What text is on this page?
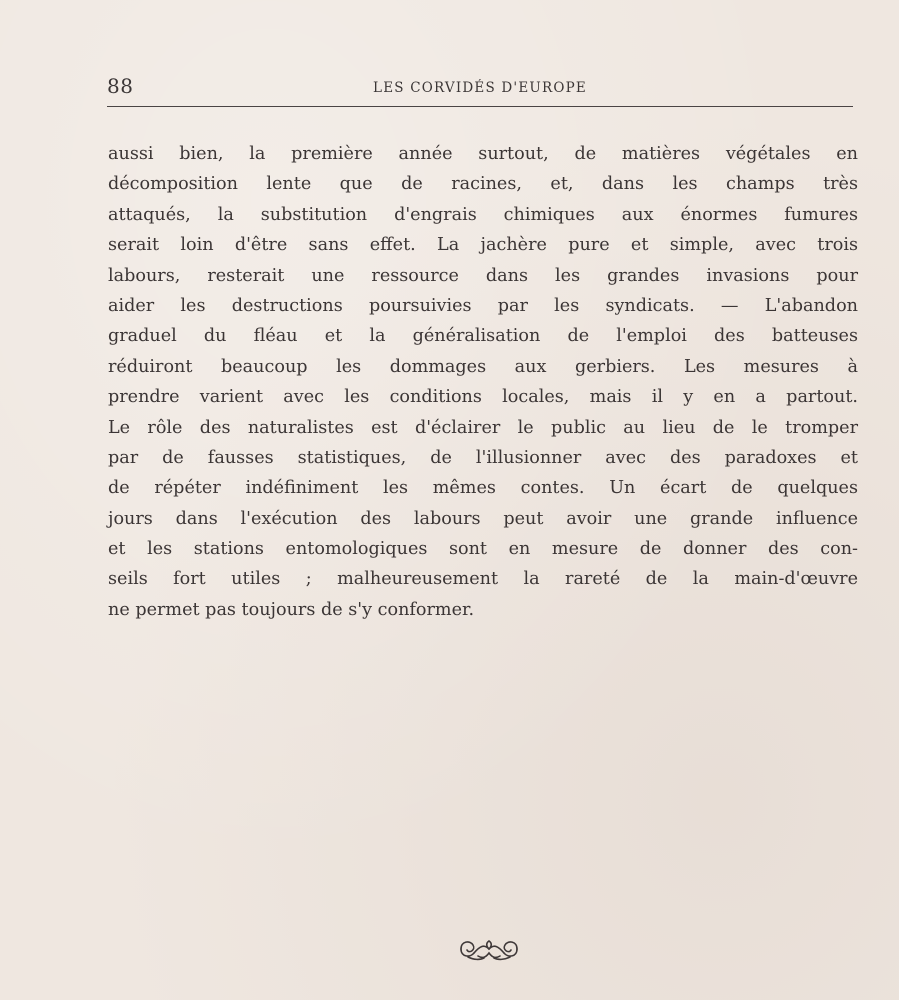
88	LES CORVIDÉS D'EUROPE
aussi bien, la première année surtout, de matières végétales en
décomposition lente que de racines, et, dans les champs très
attaqués, la substitution d'engrais chimiques aux énormes fumures
serait loin d'être sans effet. La jachère pure et simple, avec trois
labours, resterait une ressource dans les grandes invasions pour
aider les destructions poursuivies par les syndicats. — L'abandon
graduel du fléau et la généralisation de l'emploi des batteuses
réduiront beaucoup les dommages aux gerbiers. Les mesures à
prendre varient avec les conditions locales, mais il y en a partout.
Le rôle des naturalistes est d'éclairer le public au lieu de le tromper
par de fausses statistiques, de l'illusionner avec des paradoxes et
de répéter indéfiniment les mêmes contes. Un écart de quelques
jours dans l'exécution des labours peut avoir une grande influence
et les stations entomologiques sont en mesure de donner des con-
seils fort utiles ; malheureusement la rareté de la main-d'œuvre
ne permet pas toujours de s'y conformer.
